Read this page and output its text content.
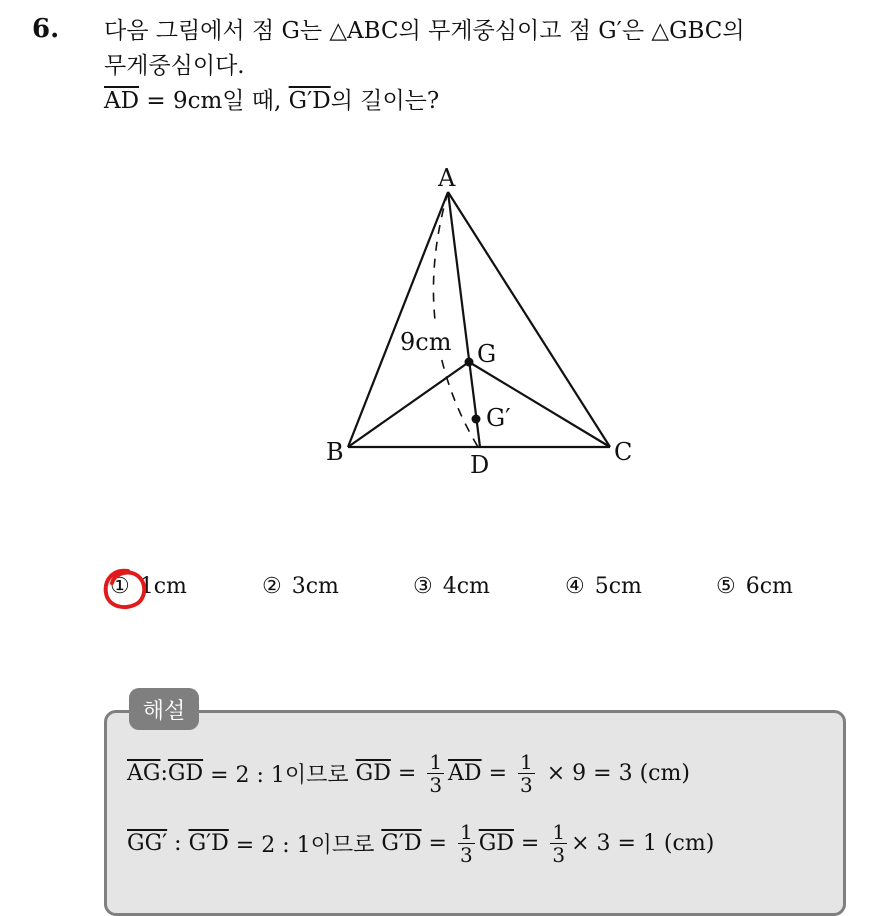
6. 다음 그림에서 점 G는 △ABC의 무게중심이고 점 G′은 △GBC의
무게중심이다.
$\overline{AD} = 9cm$일 때, G′D의 길이는?
A
B	C
D
G
G′
9cm
① 1cm	② 3cm	③ 4cm	④ 5cm	⑤ 6cm
해설
$\overline{AG}$ : $\overline{GD} = 2$ : 1이므로 $\overline{GD} = \frac{1}{3} \overline{AD} = \frac{1}{3} \times 9 = 3$ (cm)
GG′ : G′D = 2 : 1이므로 $G'D = \frac{1}{3} \overline{GD} = \frac{1}{3} \times 3 = 1$ (cm)
